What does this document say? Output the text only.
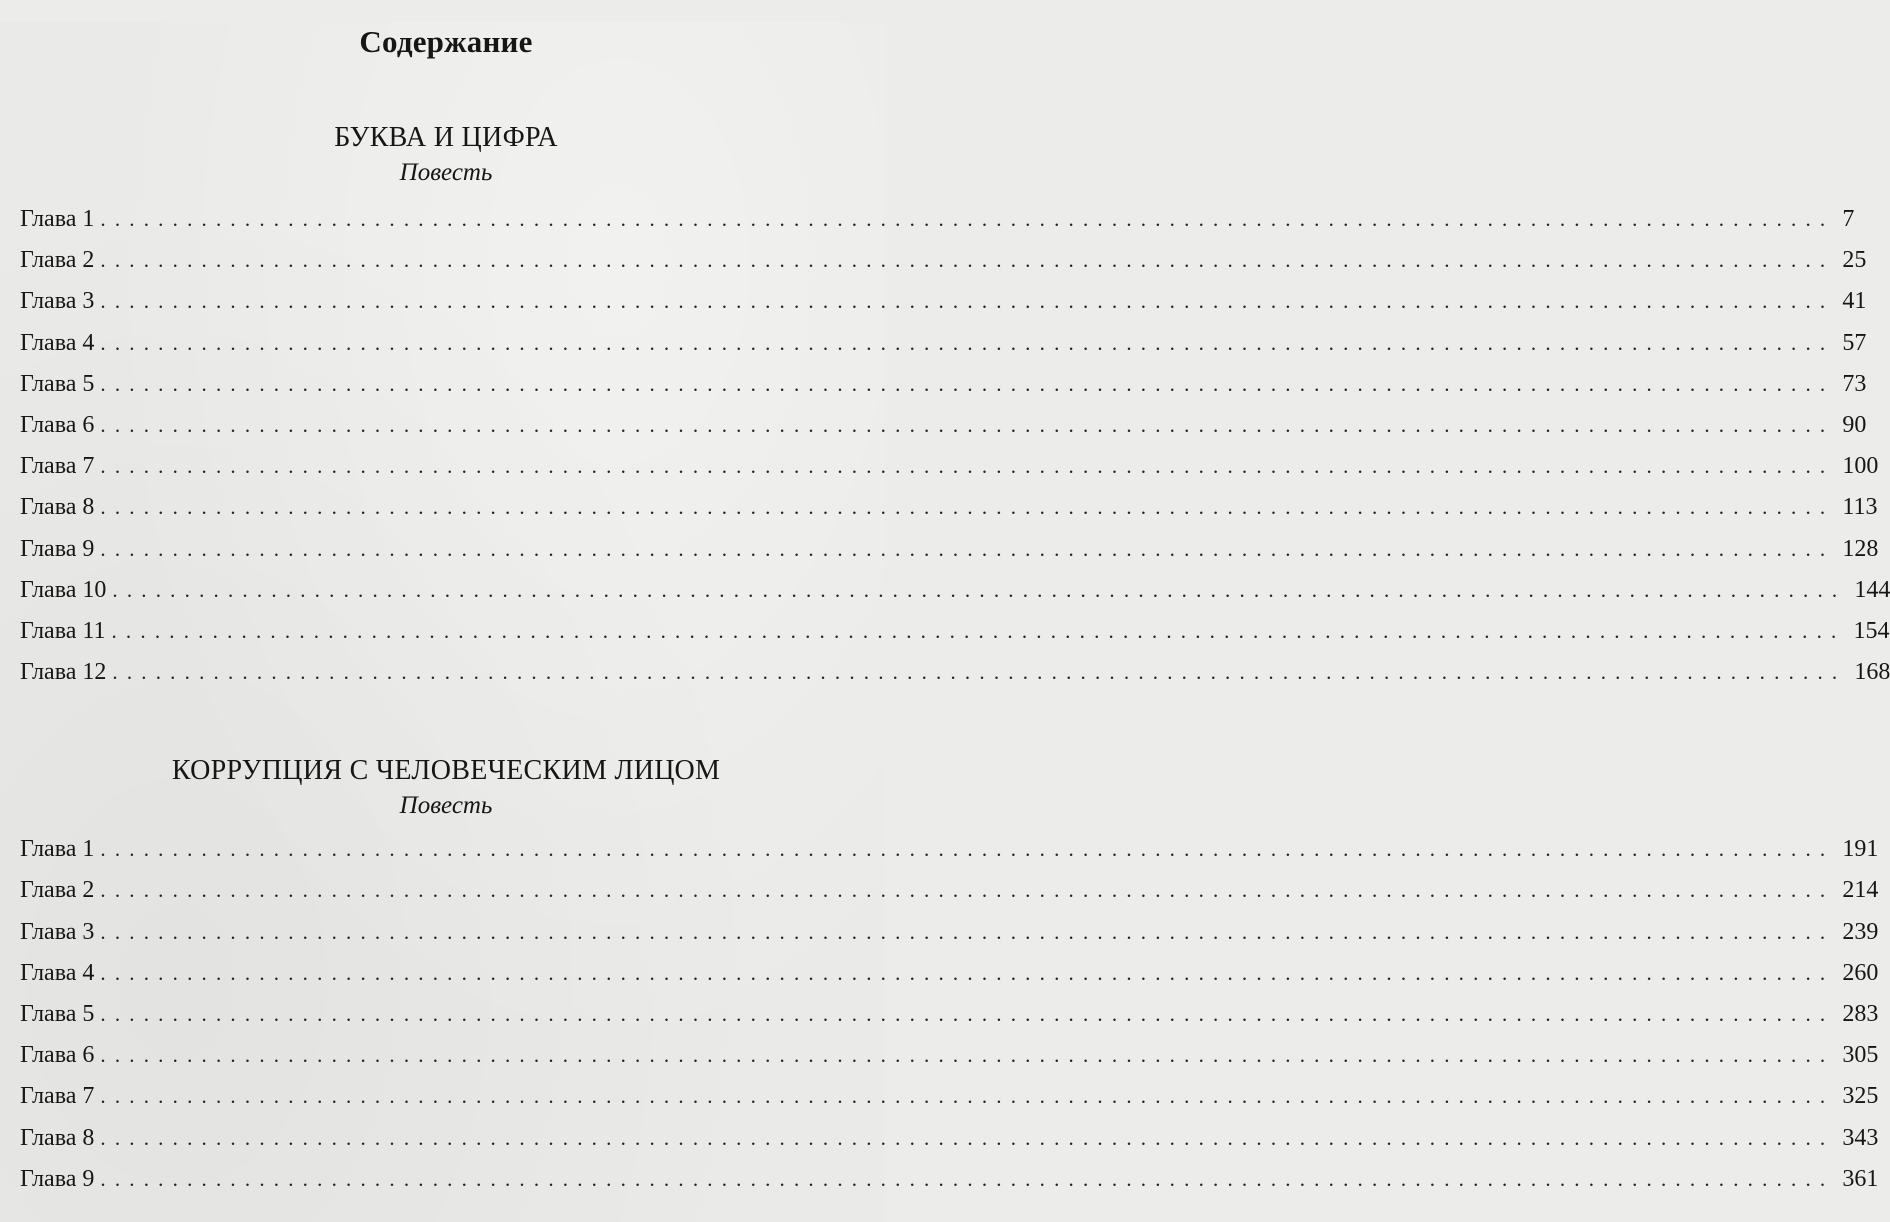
Содержание
БУКВА И ЦИФРА
Повесть
Глава 1 ........................................................................................................................ 7
Глава 2 ........................................................................................................................ 25
Глава 3 ........................................................................................................................ 41
Глава 4 ........................................................................................................................ 57
Глава 5 ........................................................................................................................ 73
Глава 6 ........................................................................................................................ 90
Глава 7 ........................................................................................................................ 100
Глава 8 ........................................................................................................................ 113
Глава 9 ........................................................................................................................ 128
Глава 10 ........................................................................................................................ 144
Глава 11 ........................................................................................................................ 154
Глава 12 ........................................................................................................................ 168
КОРРУПЦИЯ С ЧЕЛОВЕЧЕСКИМ ЛИЦОМ
Повесть
Глава 1 ........................................................................................................................ 191
Глава 2 ........................................................................................................................ 214
Глава 3 ........................................................................................................................ 239
Глава 4 ........................................................................................................................ 260
Глава 5 ........................................................................................................................ 283
Глава 6 ........................................................................................................................ 305
Глава 7 ........................................................................................................................ 325
Глава 8 ........................................................................................................................ 343
Глава 9 ........................................................................................................................ 361
